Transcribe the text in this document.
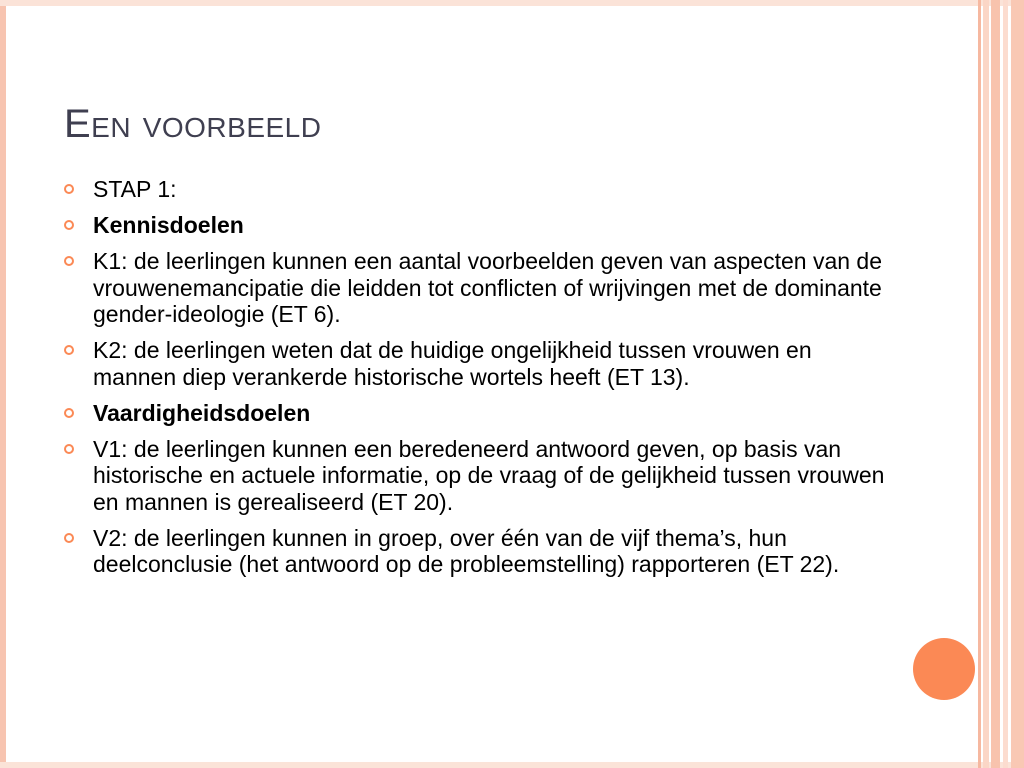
Een voorbeeld
STAP 1:
Kennisdoelen
K1: de leerlingen kunnen een aantal voorbeelden geven van aspecten van de vrouwenemancipatie die leidden tot conflicten of wrijvingen met de dominante gender-ideologie (ET 6).
K2: de leerlingen weten dat de huidige ongelijkheid tussen vrouwen en mannen diep verankerde historische wortels heeft (ET 13).
Vaardigheidsdoelen
V1: de leerlingen kunnen een beredeneerd antwoord geven, op basis van historische en actuele informatie, op de vraag of de gelijkheid tussen vrouwen en mannen is gerealiseerd (ET 20).
V2: de leerlingen kunnen in groep, over één van de vijf thema’s, hun deelconclusie (het antwoord op de probleemstelling) rapporteren (ET 22).
